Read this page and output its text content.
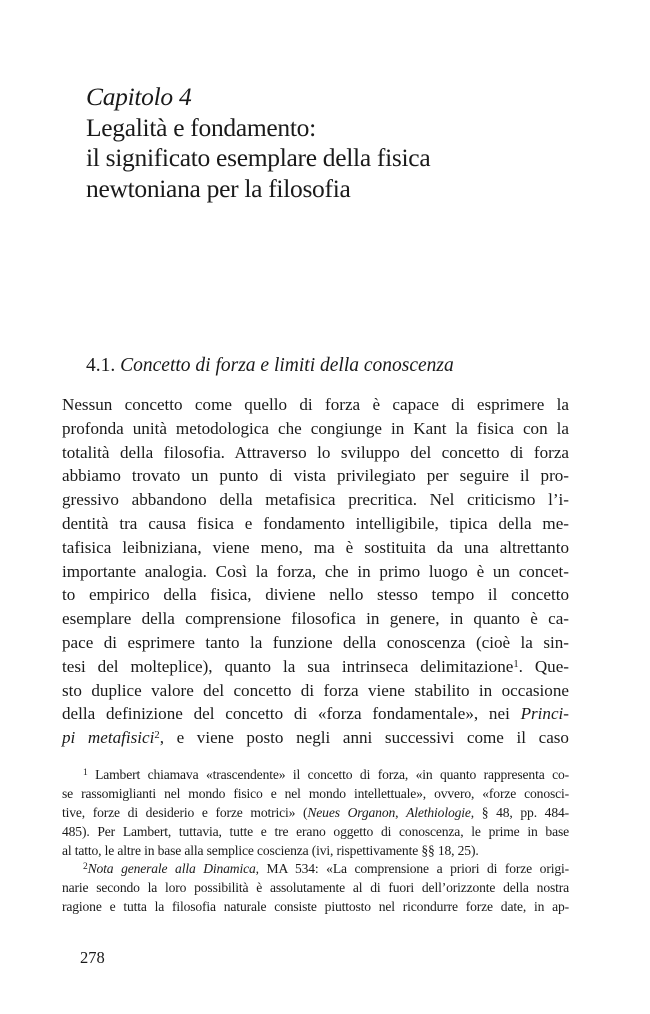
Capitolo 4
Legalità e fondamento:
il significato esemplare della fisica
newtoniana per la filosofia
4.1. Concetto di forza e limiti della conoscenza
Nessun concetto come quello di forza è capace di esprimere la
profonda unità metodologica che congiunge in Kant la fisica con la
totalità della filosofia. Attraverso lo sviluppo del concetto di forza
abbiamo trovato un punto di vista privilegiato per seguire il pro-
gressivo abbandono della metafisica precritica. Nel criticismo l’i-
dentità tra causa fisica e fondamento intelligibile, tipica della me-
tafisica leibniziana, viene meno, ma è sostituita da una altrettanto
importante analogia. Così la forza, che in primo luogo è un concet-
to empirico della fisica, diviene nello stesso tempo il concetto
esemplare della comprensione filosofica in genere, in quanto è ca-
pace di esprimere tanto la funzione della conoscenza (cioè la sin-
tesi del molteplice), quanto la sua intrinseca delimitazione$^1$. Que-
sto duplice valore del concetto di forza viene stabilito in occasione
della definizione del concetto di «forza fondamentale», nei Princi-
pi metafisici$^2$, e viene posto negli anni successivi come il caso
$^1$ Lambert chiamava «trascendente» il concetto di forza, «in quanto rappresenta co-
se rassomiglianti nel mondo fisico e nel mondo intellettuale», ovvero, «forze conosci-
tive, forze di desiderio e forze motrici» (Neues Organon, Alethiologie, § 48, pp. 484-
485). Per Lambert, tuttavia, tutte e tre erano oggetto di conoscenza, le prime in base
al tatto, le altre in base alla semplice coscienza (ivi, rispettivamente §§ 18, 25).
$^2$Nota generale alla Dinamica, MA 534: «La comprensione a priori di forze origi-
narie secondo la loro possibilità è assolutamente al di fuori dell’orizzonte della nostra
ragione e tutta la filosofia naturale consiste piuttosto nel ricondurre forze date, in ap-
278
